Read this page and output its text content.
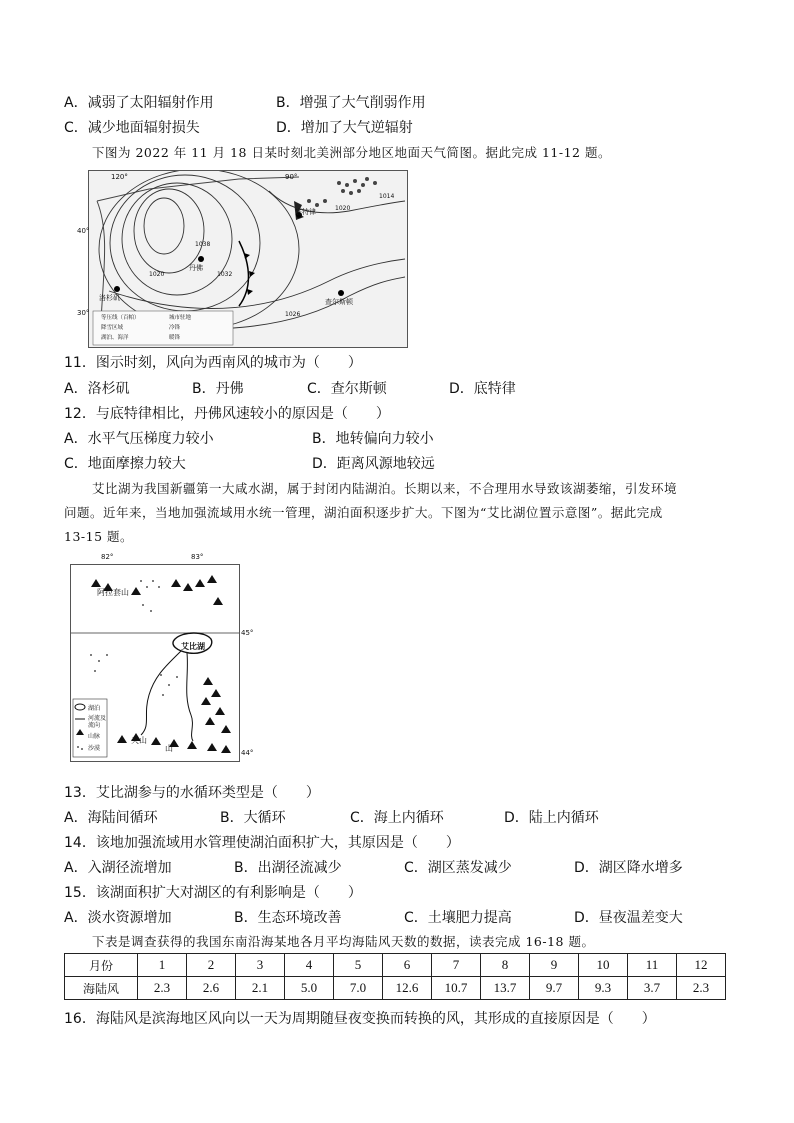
A．减弱了太阳辐射作用	B．增强了大气削弱作用
C．减少地面辐射损失	D．增加了大气逆辐射
下图为 2022 年 11 月 18 日某时刻北美洲部分地区地面天气简图。据此完成 11-12 题。
120°	90°
40°
30°
洛杉矶
丹佛
查尔斯顿
底特律
1038
1032
1020
1026
1014
1020
等压线（百帕）	城市驻地
降雪区域	冷锋
湖泊、海洋	暖锋
11．图示时刻，风向为西南风的城市为（　　）
A．洛杉矶	B．丹佛	C．查尔斯顿	D．底特律
12．与底特律相比，丹佛风速较小的原因是（　　）
A．水平气压梯度力较小	B．地转偏向力较小
C．地面摩擦力较大	D．距离风源地较远
艾比湖为我国新疆第一大咸水湖，属于封闭内陆湖泊。长期以来，不合理用水导致该湖萎缩，引发环境
问题。近年来，当地加强流域用水统一管理，湖泊面积逐步扩大。下图为“艾比湖位置示意图”。据此完成
13-15 题。
82°	83°
45°
44°
艾比湖
阿拉套山
天山
山
湖泊
河流及流向
山脉
沙漠
13．艾比湖参与的水循环类型是（　　）
A．海陆间循环	B．大循环	C．海上内循环	D．陆上内循环
14．该地加强流域用水管理使湖泊面积扩大，其原因是（　　）
A．入湖径流增加	B．出湖径流减少	C．湖区蒸发减少	D．湖区降水增多
15．该湖面积扩大对湖区的有利影响是（　　）
A．淡水资源增加	B．生态环境改善	C．土壤肥力提高	D．昼夜温差变大
下表是调查获得的我国东南沿海某地各月平均海陆风天数的数据，读表完成 16-18 题。
月份	1	2	3	4	5	6	7	8	9	10	11	12
海陆风	2.3	2.6	2.1	5.0	7.0	12.6	10.7	13.7	9.7	9.3	3.7	2.3
16．海陆风是滨海地区风向以一天为周期随昼夜变换而转换的风，其形成的直接原因是（　　）
